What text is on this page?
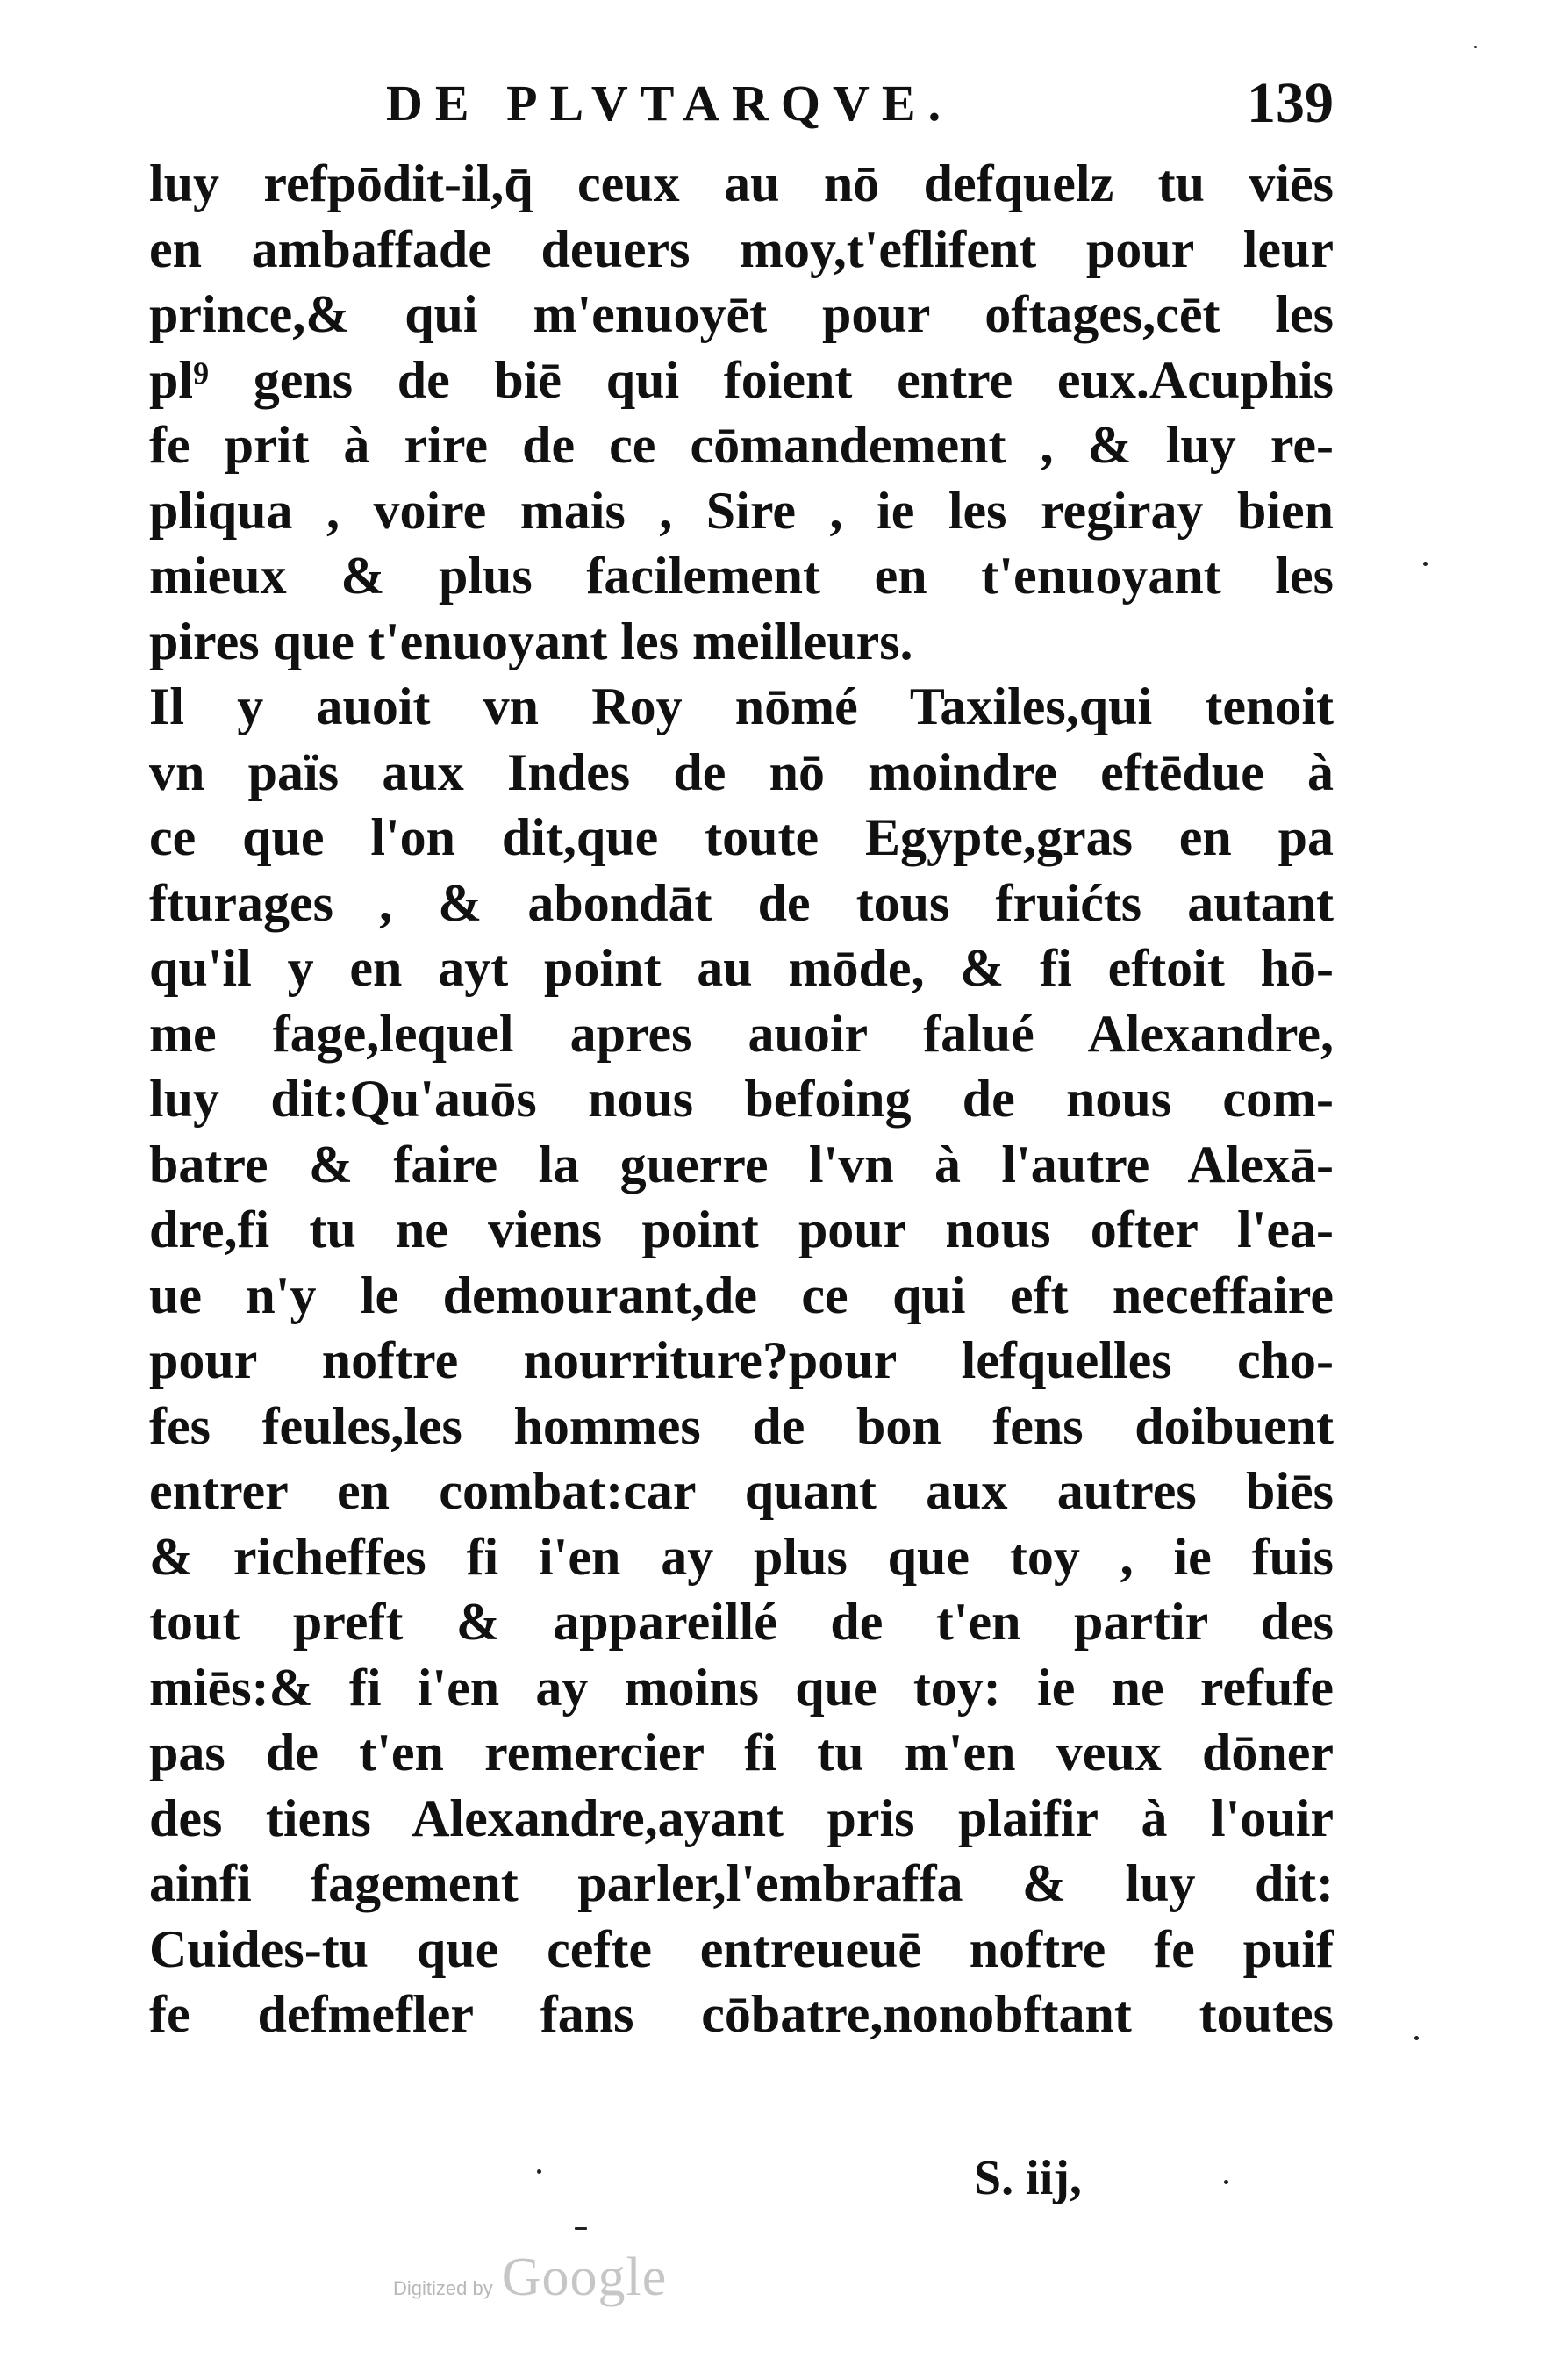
DE PLVTARQVE.	139
luy refpōdit-il,q̄ ceux au nō defquelz tu viēs
en ambaffade deuers moy,t'eflifent pour leur
prince,& qui m'enuoyēt pour oftages,cēt les
pl⁹ gens de biē qui foient entre eux.Acuphis
fe prit à rire de ce cōmandement , & luy re-
pliqua , voire mais , Sire , ie les regiray bien
mieux & plus facilement en t'enuoyant les
pires que t'enuoyant les meilleurs.
Il y auoit vn Roy nōmé Taxiles,qui tenoit
vn païs aux Indes de nō moindre eftēdue à
ce que l'on dit,que toute Egypte,gras en pa
fturages , & abondāt de tous fruićts autant
qu'il y en ayt point au mōde, & fi eftoit hō-
me fage,lequel apres auoir falué Alexandre,
luy dit:Qu'auōs nous befoing de nous com-
batre & faire la guerre l'vn à l'autre Alexā-
dre,fi tu ne viens point pour nous ofter l'ea-
ue n'y le demourant,de ce qui eft neceffaire
pour noftre nourriture?pour lefquelles cho-
fes feules,les hommes de bon fens doibuent
entrer en combat:car quant aux autres biēs
& richeffes fi i'en ay plus que toy , ie fuis
tout preft & appareillé de t'en partir des
miēs:& fi i'en ay moins que toy: ie ne refufe
pas de t'en remercier fi tu m'en veux dōner
des tiens Alexandre,ayant pris plaifir à l'ouir
ainfi fagement parler,l'embraffa & luy dit:
Cuides-tu que cefte entreueuē noftre fe puif
fe defmefler fans cōbatre,nonobftant toutes
S. iij,
Digitized by Google
